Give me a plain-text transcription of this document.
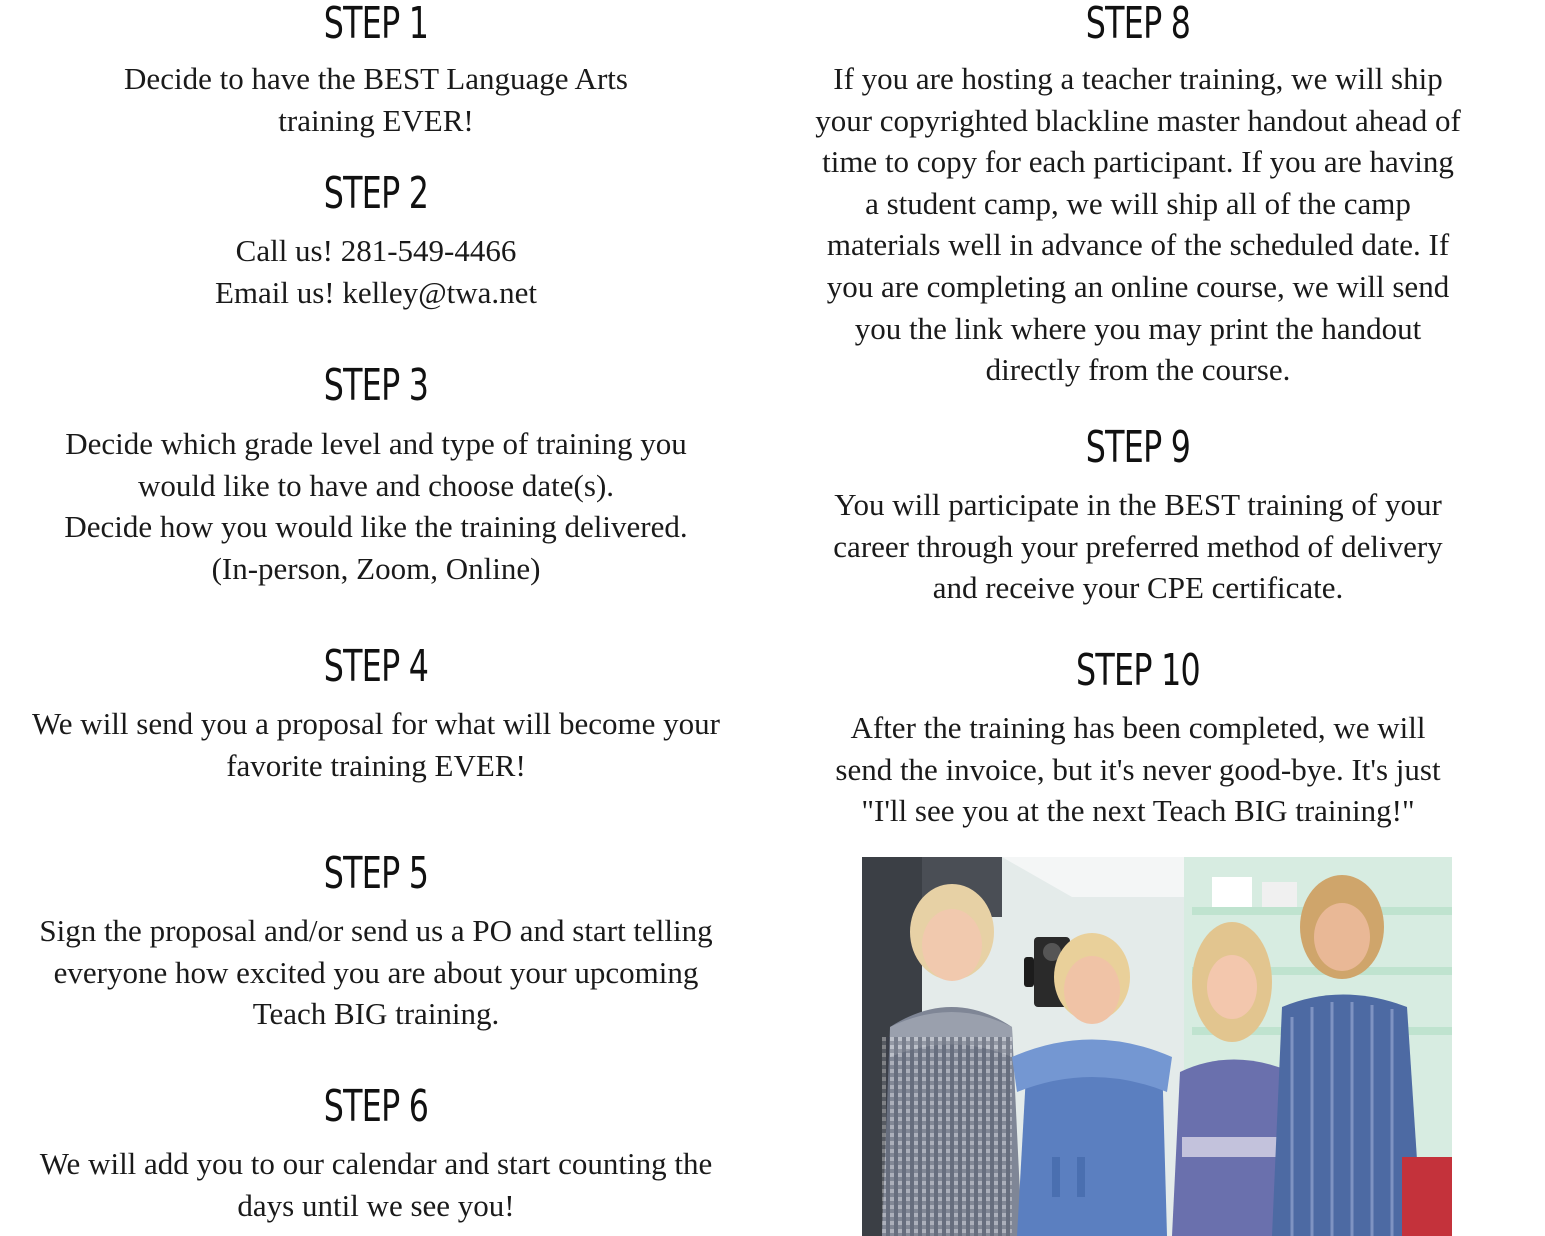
STEP 1

Decide to have the BEST Language Arts
training EVER!

STEP 2

Call us! 281-549-4466
Email us! kelley@twa.net

STEP 3

Decide which grade level and type of training you
would like to have and choose date(s).
Decide how you would like the training delivered.
(In-person, Zoom, Online)

STEP 4

We will send you a proposal for what will become your
favorite training EVER!

STEP 5

Sign the proposal and/or send us a PO and start telling
everyone how excited you are about your upcoming
Teach BIG training.

STEP 6

We will add you to our calendar and start counting the
days until we see you!

STEP 8

If you are hosting a teacher training, we will ship
your copyrighted blackline master handout ahead of
time to copy for each participant. If you are having
a student camp, we will ship all of the camp
materials well in advance of the scheduled date. If
you are completing an online course, we will send
you the link where you may print the handout
directly from the course.

STEP 9

You will participate in the BEST training of your
career through your preferred method of delivery
and receive your CPE certificate.

STEP 10

After the training has been completed, we will
send the invoice, but it's never good-bye. It's just
"I'll see you at the next Teach BIG training!"
